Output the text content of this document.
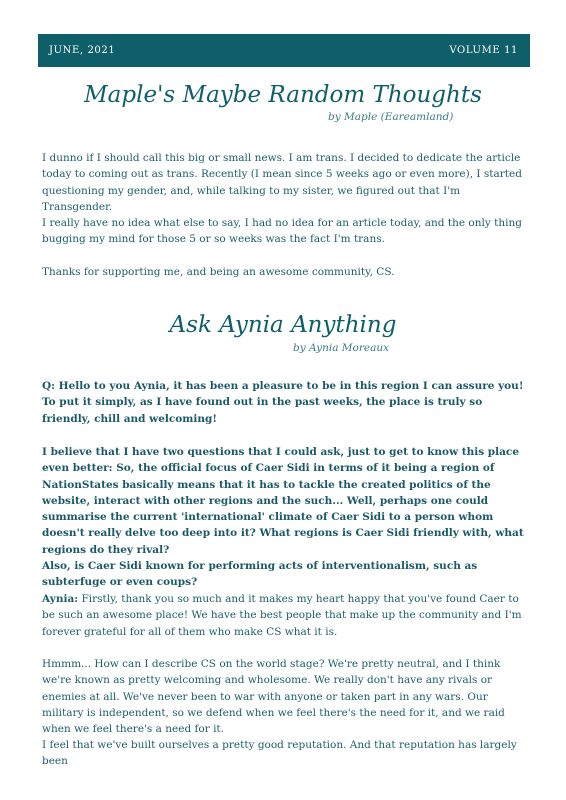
JUNE, 2021	VOLUME 11
Maple's Maybe Random Thoughts
by Maple (Eareamland)

I dunno if I should call this big or small news. I am trans. I decided to dedicate the article today to coming out as trans. Recently (I mean since 5 weeks ago or even more), I started questioning my gender, and, while talking to my sister, we figured out that I'm Transgender.

I really have no idea what else to say, I had no idea for an article today, and the only thing bugging my mind for those 5 or so weeks was the fact I'm trans.

Thanks for supporting me, and being an awesome community, CS.

Ask Aynia Anything
by Aynia Moreaux

Q: Hello to you Aynia, it has been a pleasure to be in this region I can assure you! To put it simply, as I have found out in the past weeks, the place is truly so friendly, chill and welcoming!

I believe that I have two questions that I could ask, just to get to know this place even better: So, the official focus of Caer Sidi in terms of it being a region of NationStates basically means that it has to tackle the created politics of the website, interact with other regions and the such... Well, perhaps one could summarise the current 'international' climate of Caer Sidi to a person whom doesn't really delve too deep into it? What regions is Caer Sidi friendly with, what regions do they rival?

Also, is Caer Sidi known for performing acts of interventionalism, such as subterfuge or even coups?

Aynia: Firstly, thank you so much and it makes my heart happy that you've found Caer to be such an awesome place! We have the best people that make up the community and I'm forever grateful for all of them who make CS what it is.

Hmmm... How can I describe CS on the world stage? We're pretty neutral, and I think we're known as pretty welcoming and wholesome. We really don't have any rivals or enemies at all. We've never been to war with anyone or taken part in any wars. Our military is independent, so we defend when we feel there's the need for it, and we raid when we feel there's a need for it.

I feel that we've built ourselves a pretty good reputation. And that reputation has largely been
